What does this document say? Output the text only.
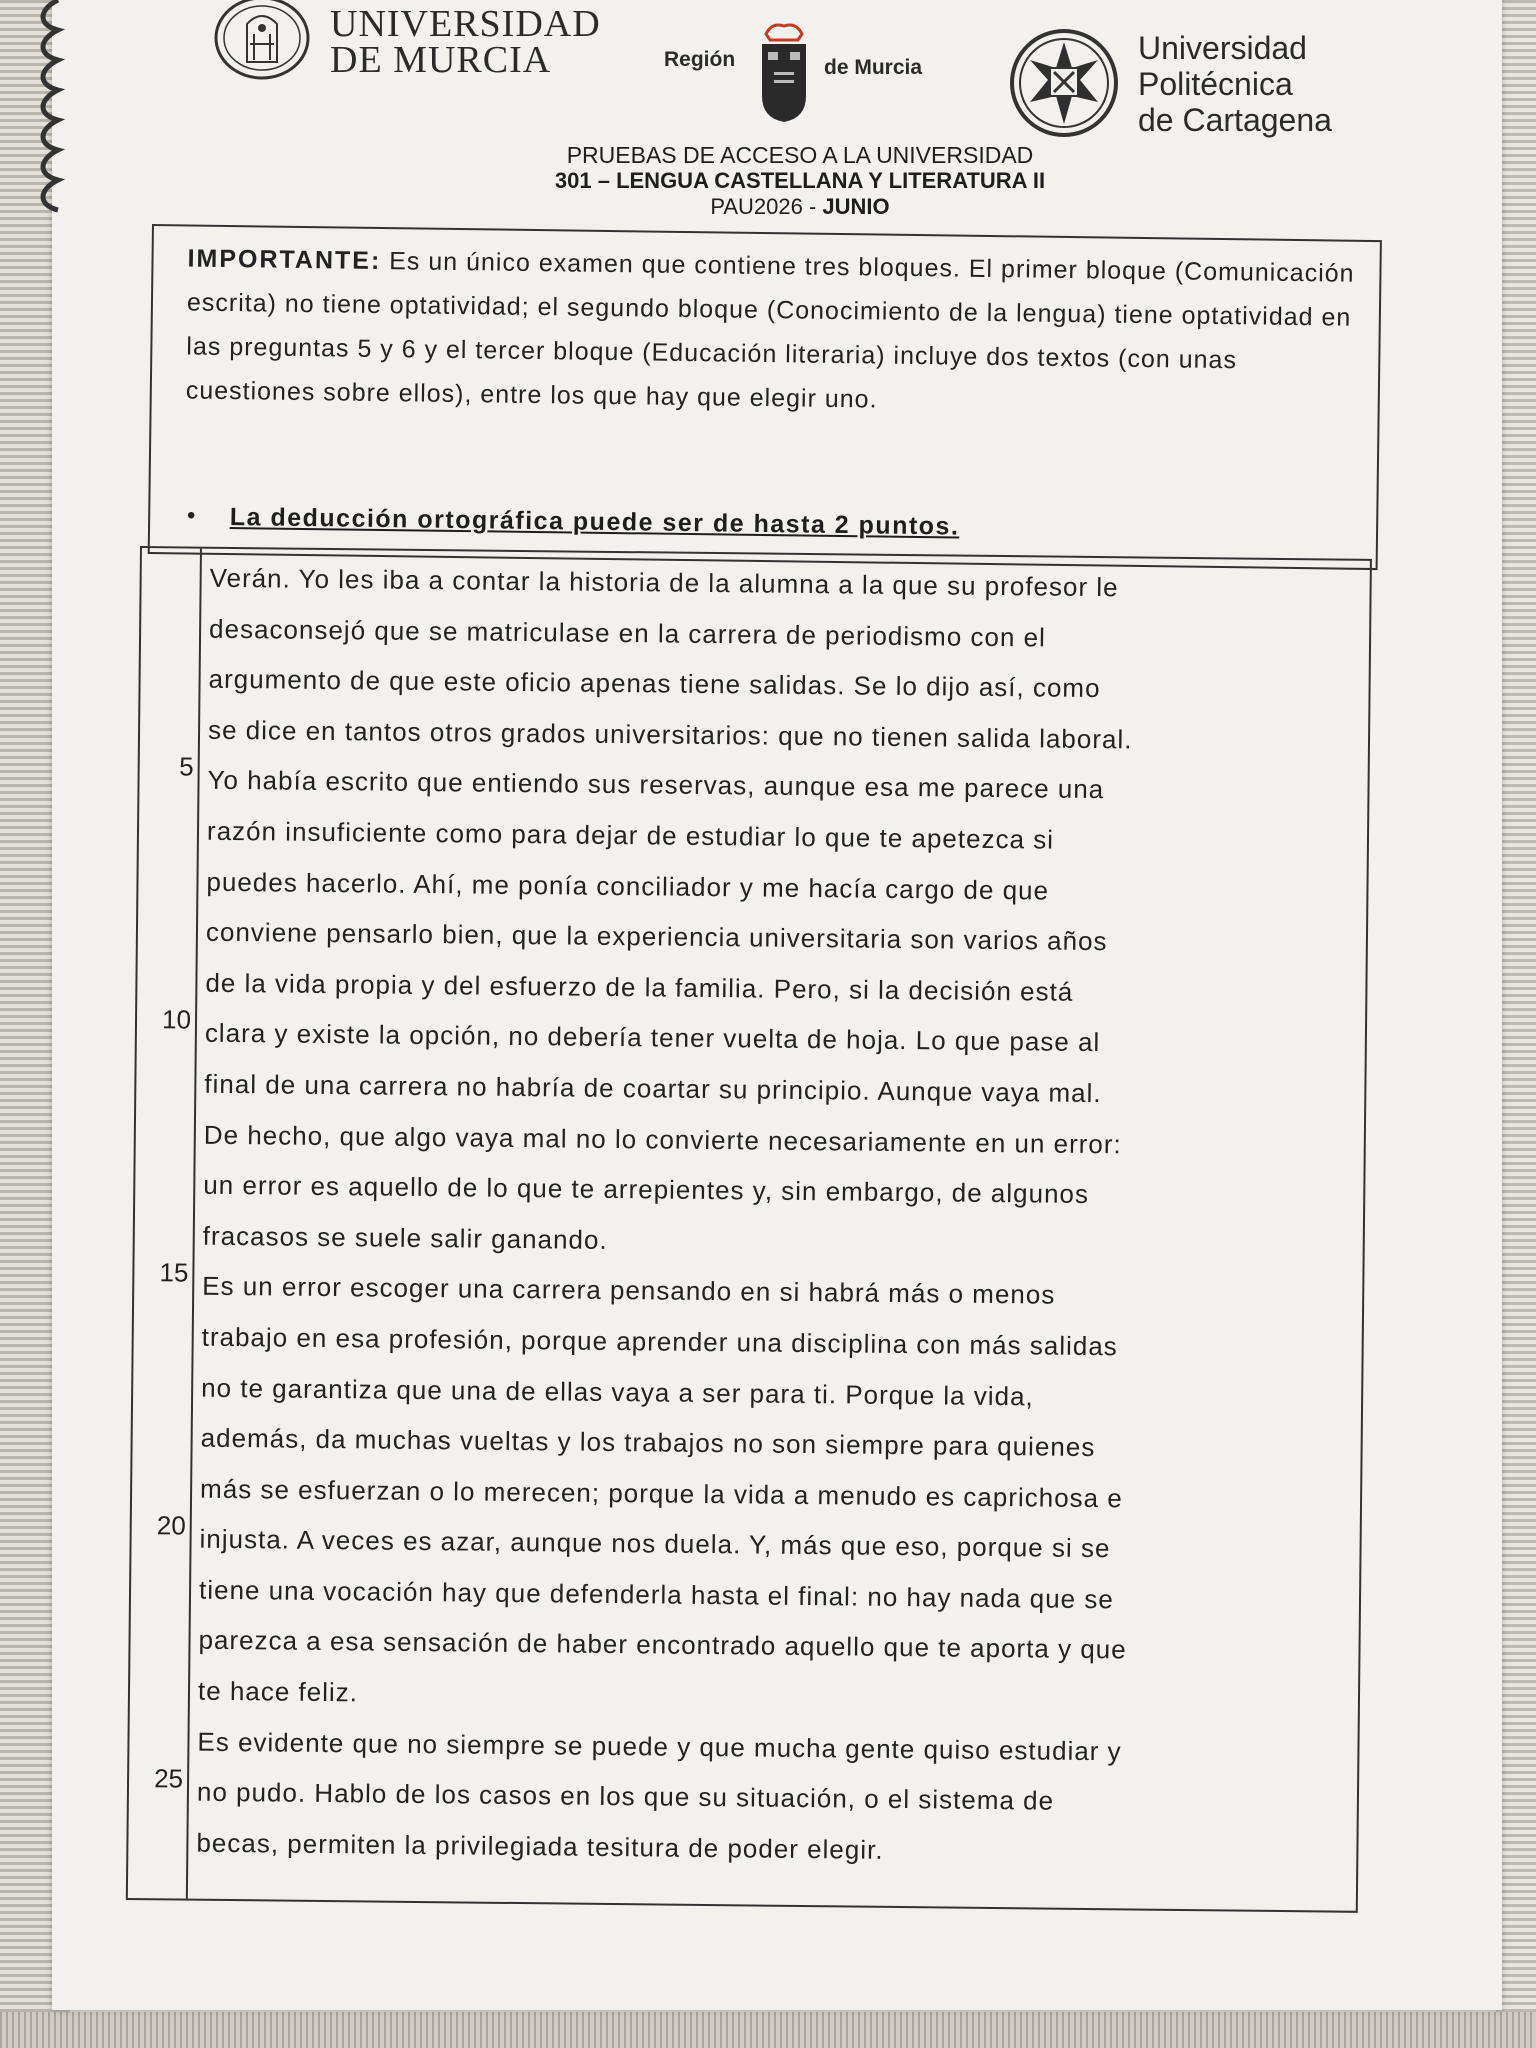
UNIVERSIDAD
DE MURCIA	Región	de Murcia
Universidad
Politécnica
de Cartagena
PRUEBAS DE ACCESO A LA UNIVERSIDAD
301 – LENGUA CASTELLANA Y LITERATURA II
PAU2026 - JUNIO
IMPORTANTE: Es un único examen que contiene tres bloques. El primer bloque (Comunicación escrita) no tiene optatividad; el segundo bloque (Conocimiento de la lengua) tiene optatividad en las preguntas 5 y 6 y el tercer bloque (Educación literaria) incluye dos textos (con unas cuestiones sobre ellos), entre los que hay que elegir uno.
• La deducción ortográfica puede ser de hasta 2 puntos.
5
10
15
20
25

Verán. Yo les iba a contar la historia de la alumna a la que su profesor le

desaconsejó que se matriculase en la carrera de periodismo con el

argumento de que este oficio apenas tiene salidas. Se lo dijo así, como

se dice en tantos otros grados universitarios: que no tienen salida laboral.

Yo había escrito que entiendo sus reservas, aunque esa me parece una

razón insuficiente como para dejar de estudiar lo que te apetezca si

puedes hacerlo. Ahí, me ponía conciliador y me hacía cargo de que

conviene pensarlo bien, que la experiencia universitaria son varios años

de la vida propia y del esfuerzo de la familia. Pero, si la decisión está

clara y existe la opción, no debería tener vuelta de hoja. Lo que pase al

final de una carrera no habría de coartar su principio. Aunque vaya mal.

De hecho, que algo vaya mal no lo convierte necesariamente en un error:

un error es aquello de lo que te arrepientes y, sin embargo, de algunos

fracasos se suele salir ganando.

Es un error escoger una carrera pensando en si habrá más o menos

trabajo en esa profesión, porque aprender una disciplina con más salidas

no te garantiza que una de ellas vaya a ser para ti. Porque la vida,

además, da muchas vueltas y los trabajos no son siempre para quienes

más se esfuerzan o lo merecen; porque la vida a menudo es caprichosa e

injusta. A veces es azar, aunque nos duela. Y, más que eso, porque si se

tiene una vocación hay que defenderla hasta el final: no hay nada que se

parezca a esa sensación de haber encontrado aquello que te aporta y que

te hace feliz.

Es evidente que no siempre se puede y que mucha gente quiso estudiar y

no pudo. Hablo de los casos en los que su situación, o el sistema de

becas, permiten la privilegiada tesitura de poder elegir.
